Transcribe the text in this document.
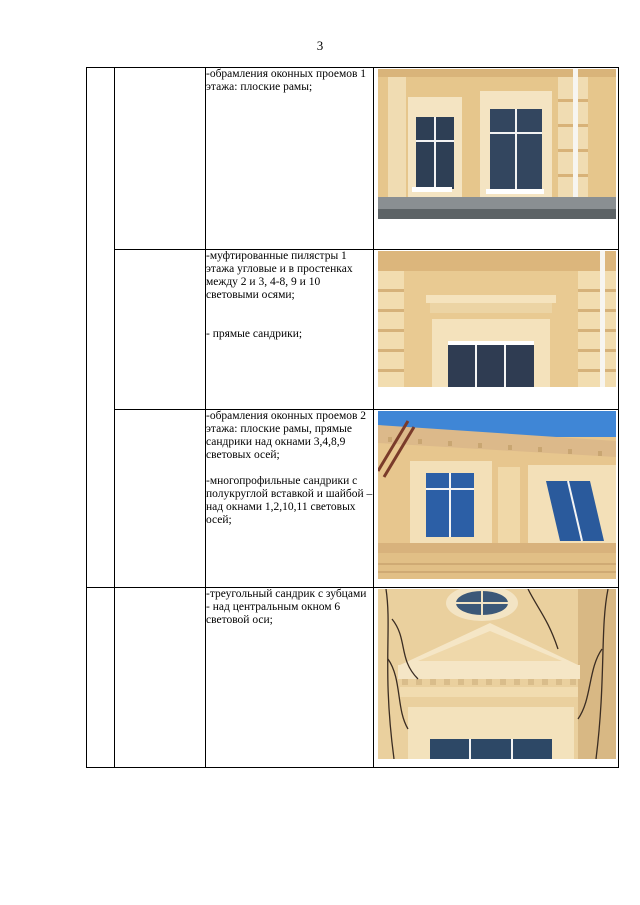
3

		-обрамления оконных проемов 1 этажа: плоские рамы;

		-муфтированные пилястры 1 этажа угловые и в простенках между 2 и 3, 4-8, 9 и 10 световыми осями;

- прямые сандрики;

		-обрамления оконных проемов 2 этажа: плоские рамы, прямые сандрики над окнами 3,4,8,9 световых осей;

-многопрофильные сандрики с полукруглой вставкой и шайбой – над окнами 1,2,10,11 световых осей;

		-треугольный сандрик с зубцами - над центральным окном 6 световой оси;
